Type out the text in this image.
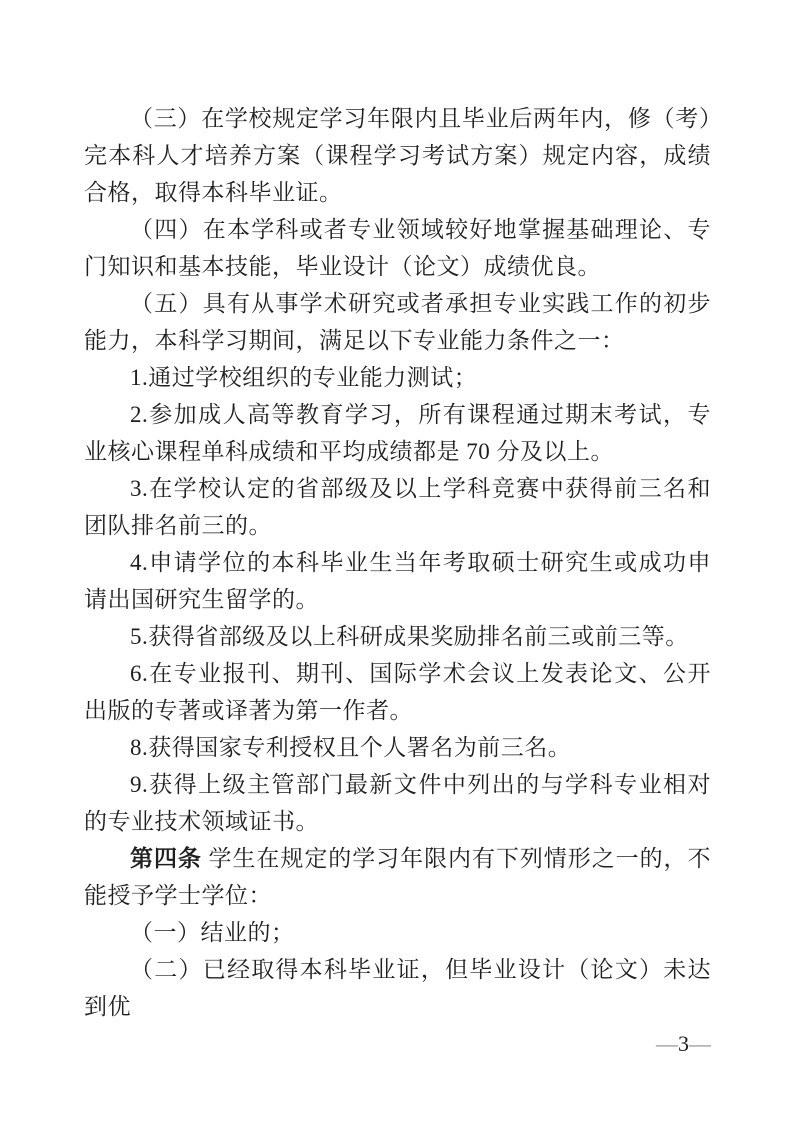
（三）在学校规定学习年限内且毕业后两年内，修（考）完本科人才培养方案（课程学习考试方案）规定内容，成绩合格，取得本科毕业证。

（四）在本学科或者专业领域较好地掌握基础理论、专门知识和基本技能，毕业设计（论文）成绩优良。

（五）具有从事学术研究或者承担专业实践工作的初步能力，本科学习期间，满足以下专业能力条件之一：

1.通过学校组织的专业能力测试；

2.参加成人高等教育学习，所有课程通过期末考试，专业核心课程单科成绩和平均成绩都是 70 分及以上。

3.在学校认定的省部级及以上学科竞赛中获得前三名和团队排名前三的。

4.申请学位的本科毕业生当年考取硕士研究生或成功申请出国研究生留学的。

5.获得省部级及以上科研成果奖励排名前三或前三等。

6.在专业报刊、期刊、国际学术会议上发表论文、公开出版的专著或译著为第一作者。

8.获得国家专利授权且个人署名为前三名。

9.获得上级主管部门最新文件中列出的与学科专业相对的专业技术领域证书。

第四条 学生在规定的学习年限内有下列情形之一的，不能授予学士学位：

（一）结业的；

（二）已经取得本科毕业证，但毕业设计（论文）未达到优

—3—
